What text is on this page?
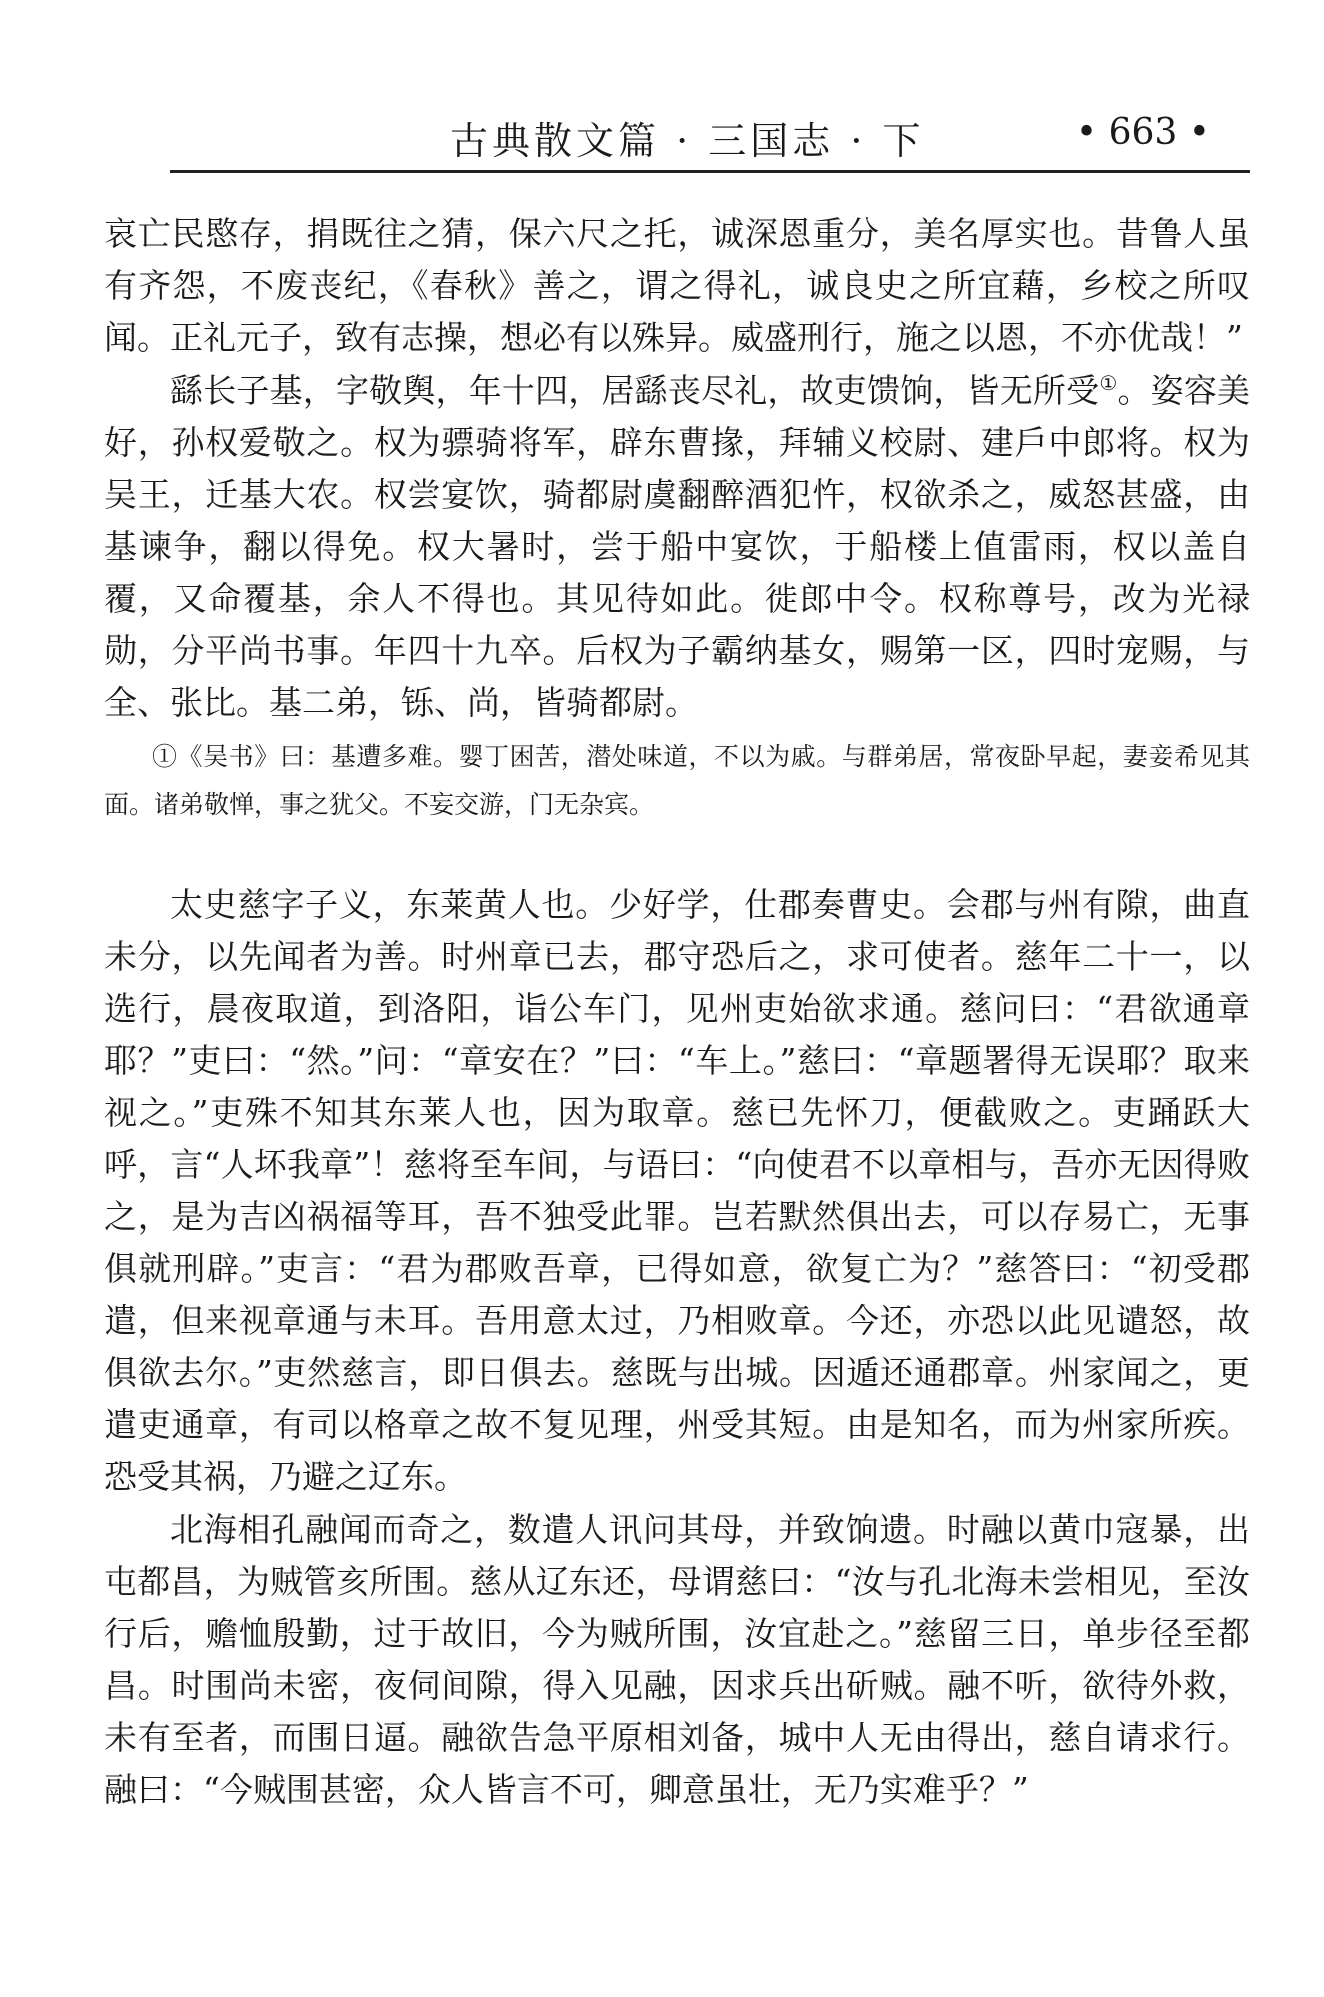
古典散文篇 · 三国志 · 下	• 663 •

哀亡民愍存，捐既往之猜，保六尺之托，诚深恩重分，美名厚实也。昔鲁人虽有齐怨，不废丧纪，《春秋》善之，谓之得礼，诚良史之所宜藉，乡校之所叹闻。正礼元子，致有志操，想必有以殊异。威盛刑行，施之以恩，不亦优哉！”

繇长子基，字敬舆，年十四，居繇丧尽礼，故吏馈饷，皆无所受①。姿容美好，孙权爱敬之。权为骠骑将军，辟东曹掾，拜辅义校尉、建戶中郎将。权为吴王，迁基大农。权尝宴饮，骑都尉虞翻醉酒犯忤，权欲杀之，威怒甚盛，由基谏争，翻以得免。权大暑时，尝于船中宴饮，于船楼上值雷雨，权以盖自覆，又命覆基，余人不得也。其见待如此。徙郎中令。权称尊号，改为光禄勋，分平尚书事。年四十九卒。后权为子霸纳基女，赐第一区，四时宠赐，与全、张比。基二弟，铄、尚，皆骑都尉。

①《吴书》曰：基遭多难。婴丁困苦，潜处味道，不以为戚。与群弟居，常夜卧早起，妻妾希见其面。诸弟敬惮，事之犹父。不妄交游，门无杂宾。

太史慈字子义，东莱黄人也。少好学，仕郡奏曹史。会郡与州有隙，曲直未分，以先闻者为善。时州章已去，郡守恐后之，求可使者。慈年二十一，以选行，晨夜取道，到洛阳，诣公车门，见州吏始欲求通。慈问曰：“君欲通章耶？”吏曰：“然。”问：“章安在？”曰：“车上。”慈曰：“章题署得无误耶？取来视之。”吏殊不知其东莱人也，因为取章。慈已先怀刀，便截败之。吏踊跃大呼，言“人坏我章”！慈将至车间，与语曰：“向使君不以章相与，吾亦无因得败之，是为吉凶祸福等耳，吾不独受此罪。岂若默然俱出去，可以存易亡，无事俱就刑辟。”吏言：“君为郡败吾章，已得如意，欲复亡为？”慈答曰：“初受郡遣，但来视章通与未耳。吾用意太过，乃相败章。今还，亦恐以此见谴怒，故俱欲去尔。”吏然慈言，即日俱去。慈既与出城。因遁还通郡章。州家闻之，更遣吏通章，有司以格章之故不复见理，州受其短。由是知名，而为州家所疾。恐受其祸，乃避之辽东。

北海相孔融闻而奇之，数遣人讯问其母，并致饷遗。时融以黄巾寇暴，出屯都昌，为贼管亥所围。慈从辽东还，母谓慈曰：“汝与孔北海未尝相见，至汝行后，赡恤殷勤，过于故旧，今为贼所围，汝宜赴之。”慈留三日，单步径至都昌。时围尚未密，夜伺间隙，得入见融，因求兵出斫贼。融不听，欲待外救，未有至者，而围日逼。融欲告急平原相刘备，城中人无由得出，慈自请求行。融曰：“今贼围甚密，众人皆言不可，卿意虽壮，无乃实难乎？”
